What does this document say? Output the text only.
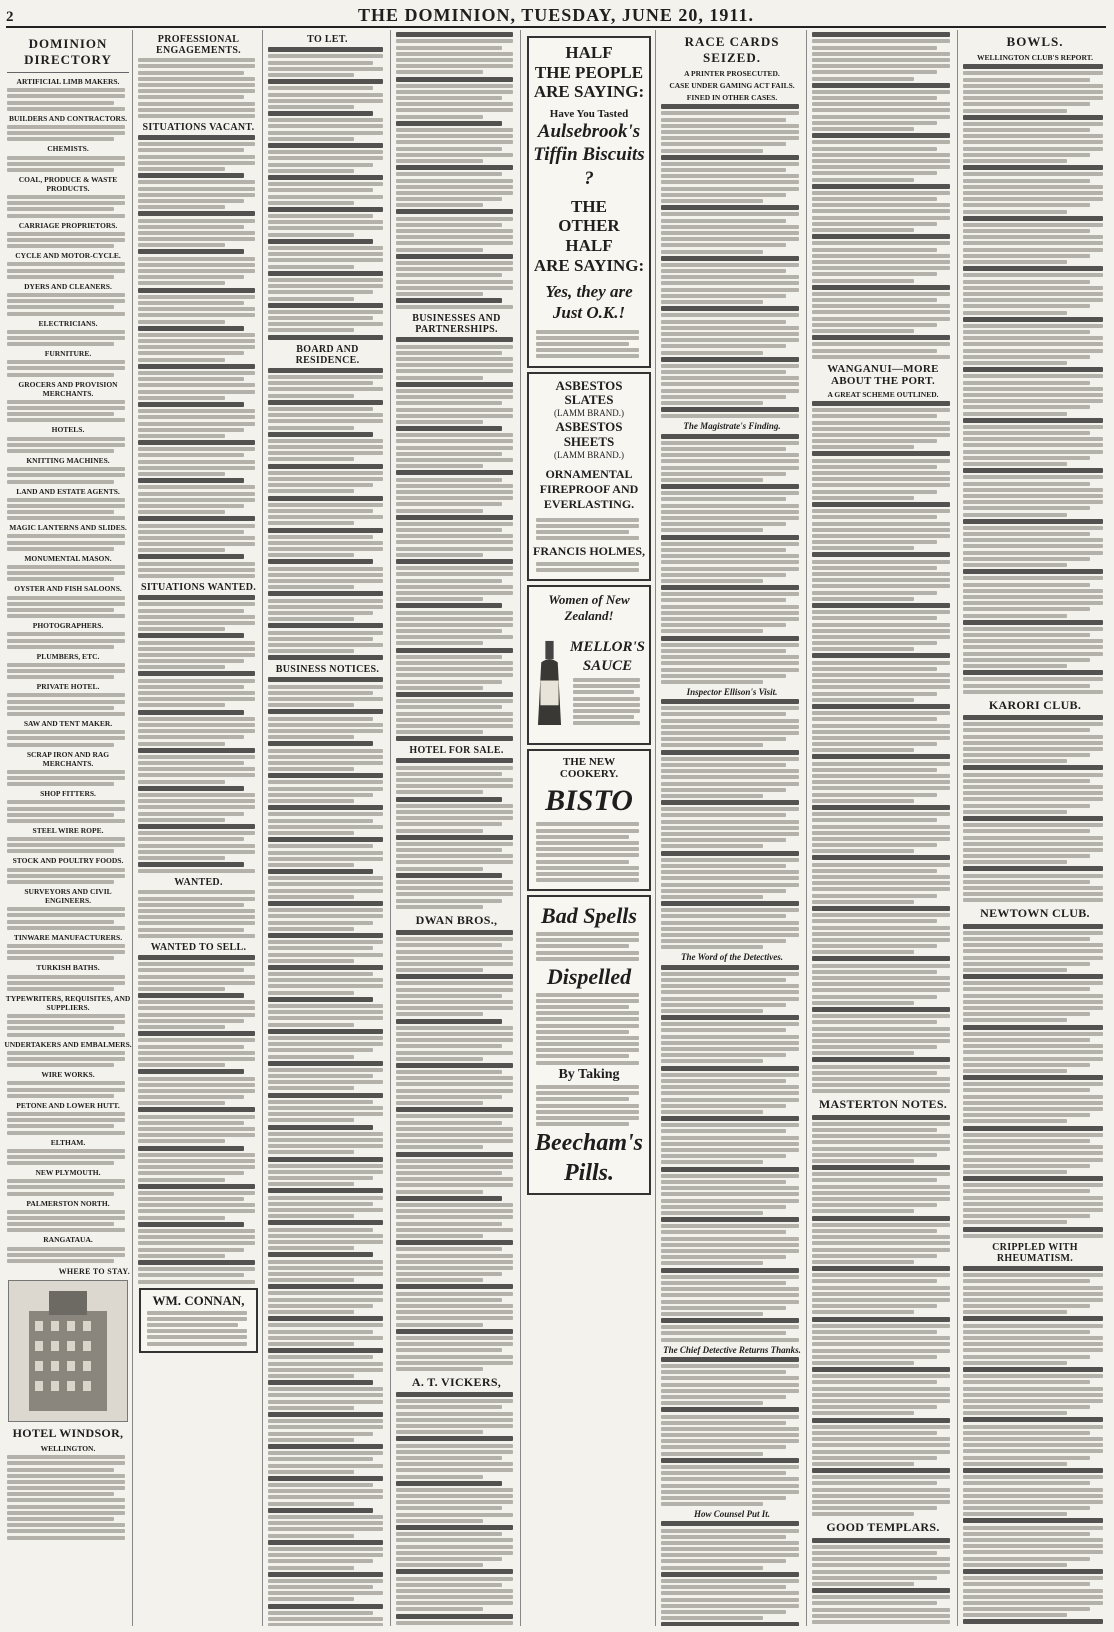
2	THE DOMINION, TUESDAY, JUNE 20, 1911.
DOMINION DIRECTORY
ARTIFICIAL LIMB MAKERS.
BUILDERS AND CONTRACTORS.
CHEMISTS.
COAL, PRODUCE & WASTE PRODUCTS.
CARRIAGE PROPRIETORS.
CYCLE AND MOTOR-CYCLE.
DYERS AND CLEANERS.
ELECTRICIANS.
FURNITURE.
GROCERS AND PROVISION MERCHANTS.
HOTELS.
KNITTING MACHINES.
LAND AND ESTATE AGENTS.
MAGIC LANTERNS AND SLIDES.
MONUMENTAL MASON.
OYSTER AND FISH SALOONS.
PHOTOGRAPHERS.
PLUMBERS, ETC.
PRIVATE HOTEL.
SAW AND TENT MAKER.
SCRAP IRON AND RAG MERCHANTS.
SHOP FITTERS.
STEEL WIRE ROPE.
STOCK AND POULTRY FOODS.
SURVEYORS AND CIVIL ENGINEERS.
TINWARE MANUFACTURERS.
TURKISH BATHS.
TYPEWRITERS, REQUISITES, AND SUPPLIERS.
UNDERTAKERS AND EMBALMERS.
WIRE WORKS.
PETONE AND LOWER HUTT.
ELTHAM.
NEW PLYMOUTH.
PALMERSTON NORTH.
RANGATAUA.
WHERE TO STAY.
HOTEL WINDSOR,
WELLINGTON.
PROFESSIONAL ENGAGEMENTS.
SITUATIONS VACANT.
SITUATIONS WANTED.
WANTED.
WANTED TO SELL.
WM. CONNAN,
TO LET.
BOARD AND RESIDENCE.
BUSINESS NOTICES.
BUSINESSES AND PARTNERSHIPS.
HOTEL FOR SALE.
DWAN BROS.,
A. T. VICKERS,
HALF
THE PEOPLE
ARE SAYING:
Have You Tasted
Aulsebrook's
Tiffin Biscuits
?
THE
OTHER HALF
ARE SAYING:
Yes, they are Just O.K.!
ASBESTOS SLATES
(LAMM BRAND.)
ASBESTOS SHEETS
(LAMM BRAND.)
ORNAMENTAL FIREPROOF AND EVERLASTING.
FRANCIS HOLMES,
Women of New Zealand!
MELLOR'S SAUCE
THE NEW COOKERY.
BISTO
Bad Spells
Dispelled
By Taking
Beecham's Pills.
RACE CARDS SEIZED.
A PRINTER PROSECUTED.
CASE UNDER GAMING ACT FAILS.
FINED IN OTHER CASES.
The Magistrate's Finding.
Inspector Ellison's Visit.
The Word of the Detectives.
The Chief Detective Returns Thanks.
How Counsel Put It.
WANGANUI—MORE ABOUT THE PORT.
A GREAT SCHEME OUTLINED.
MASTERTON NOTES.
GOOD TEMPLARS.
BOWLS.
WELLINGTON CLUB'S REPORT.
KARORI CLUB.
NEWTOWN CLUB.
CRIPPLED WITH RHEUMATISM.
